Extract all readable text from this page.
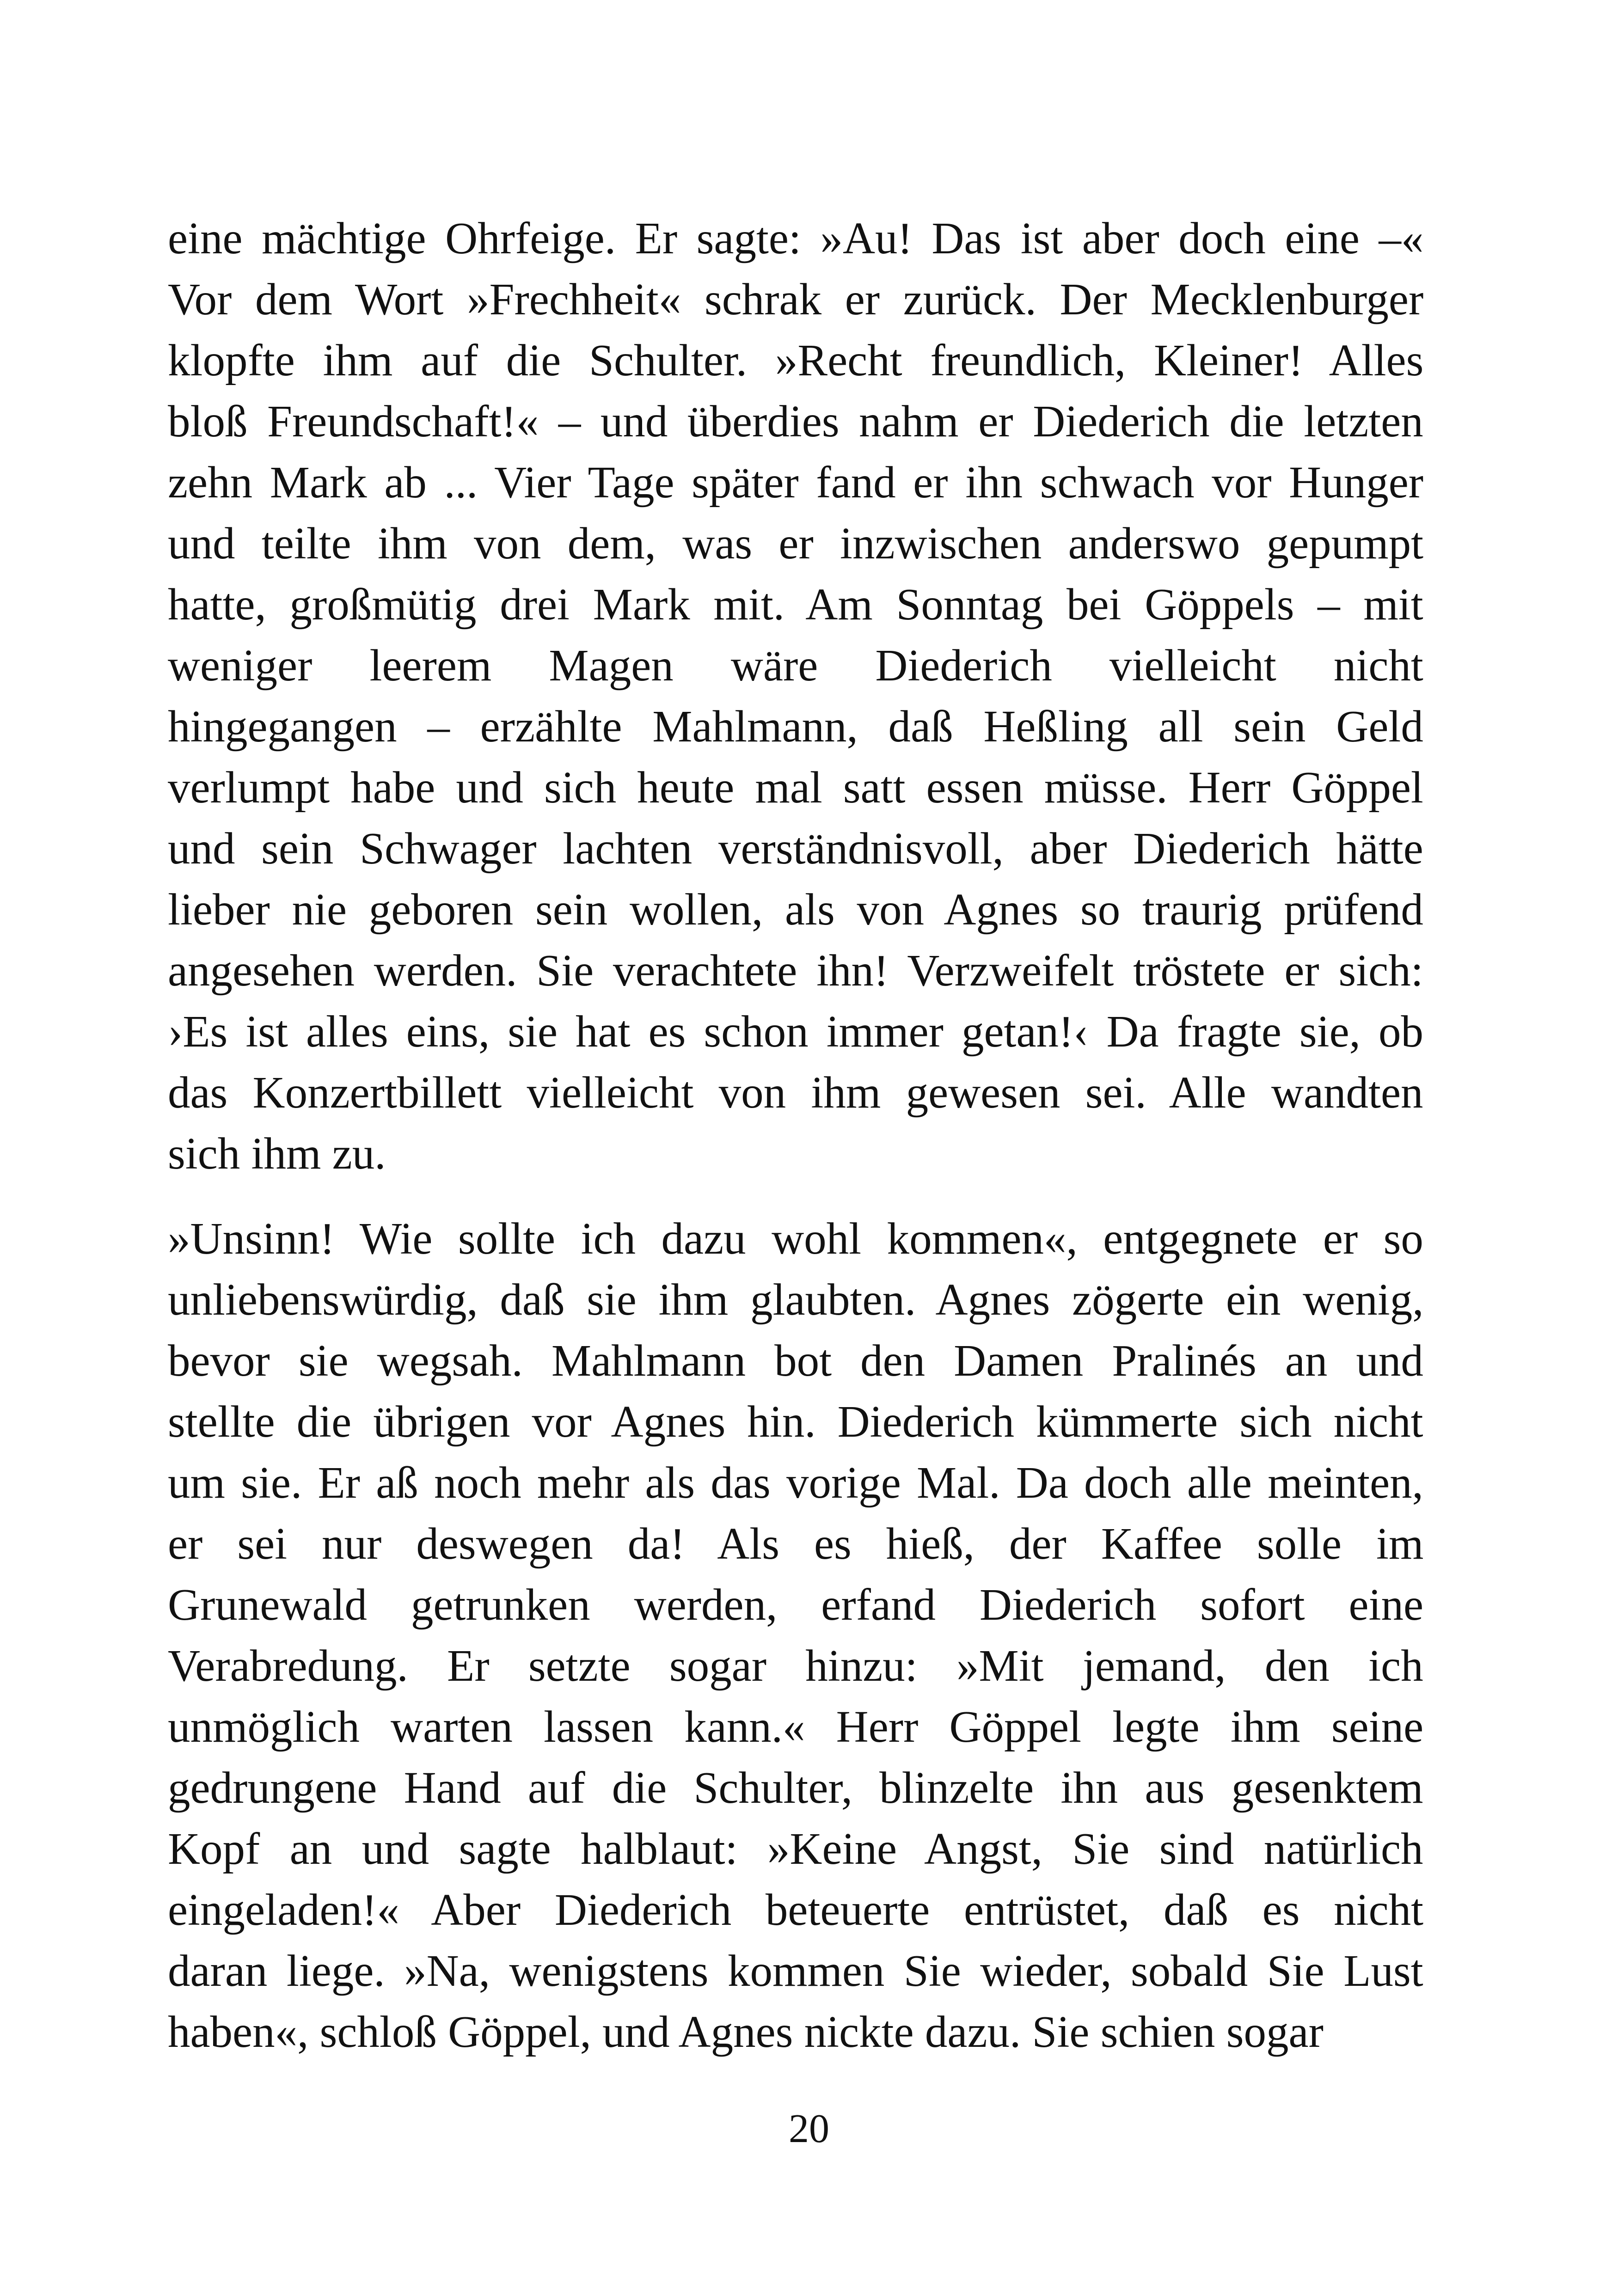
eine mächtige Ohrfeige. Er sagte: »Au! Das ist aber doch eine –«
Vor dem Wort »Frechheit« schrak er zurück. Der Mecklenburger
klopfte ihm auf die Schulter. »Recht freundlich, Kleiner! Alles
bloß Freundschaft!« – und überdies nahm er Diederich die letzten
zehn Mark ab ... Vier Tage später fand er ihn schwach vor Hunger
und teilte ihm von dem, was er inzwischen anderswo gepumpt
hatte, großmütig drei Mark mit. Am Sonntag bei Göppels – mit
weniger leerem Magen wäre Diederich vielleicht nicht
hingegangen – erzählte Mahlmann, daß Heßling all sein Geld
verlumpt habe und sich heute mal satt essen müsse. Herr Göppel
und sein Schwager lachten verständnisvoll, aber Diederich hätte
lieber nie geboren sein wollen, als von Agnes so traurig prüfend
angesehen werden. Sie verachtete ihn! Verzweifelt tröstete er sich:
›Es ist alles eins, sie hat es schon immer getan!‹ Da fragte sie, ob
das Konzertbillett vielleicht von ihm gewesen sei. Alle wandten
sich ihm zu.
»Unsinn! Wie sollte ich dazu wohl kommen«, entgegnete er so
unliebenswürdig, daß sie ihm glaubten. Agnes zögerte ein wenig,
bevor sie wegsah. Mahlmann bot den Damen Pralinés an und
stellte die übrigen vor Agnes hin. Diederich kümmerte sich nicht
um sie. Er aß noch mehr als das vorige Mal. Da doch alle meinten,
er sei nur deswegen da! Als es hieß, der Kaffee solle im
Grunewald getrunken werden, erfand Diederich sofort eine
Verabredung. Er setzte sogar hinzu: »Mit jemand, den ich
unmöglich warten lassen kann.« Herr Göppel legte ihm seine
gedrungene Hand auf die Schulter, blinzelte ihn aus gesenktem
Kopf an und sagte halblaut: »Keine Angst, Sie sind natürlich
eingeladen!« Aber Diederich beteuerte entrüstet, daß es nicht
daran liege. »Na, wenigstens kommen Sie wieder, sobald Sie Lust
haben«, schloß Göppel, und Agnes nickte dazu. Sie schien sogar
20
